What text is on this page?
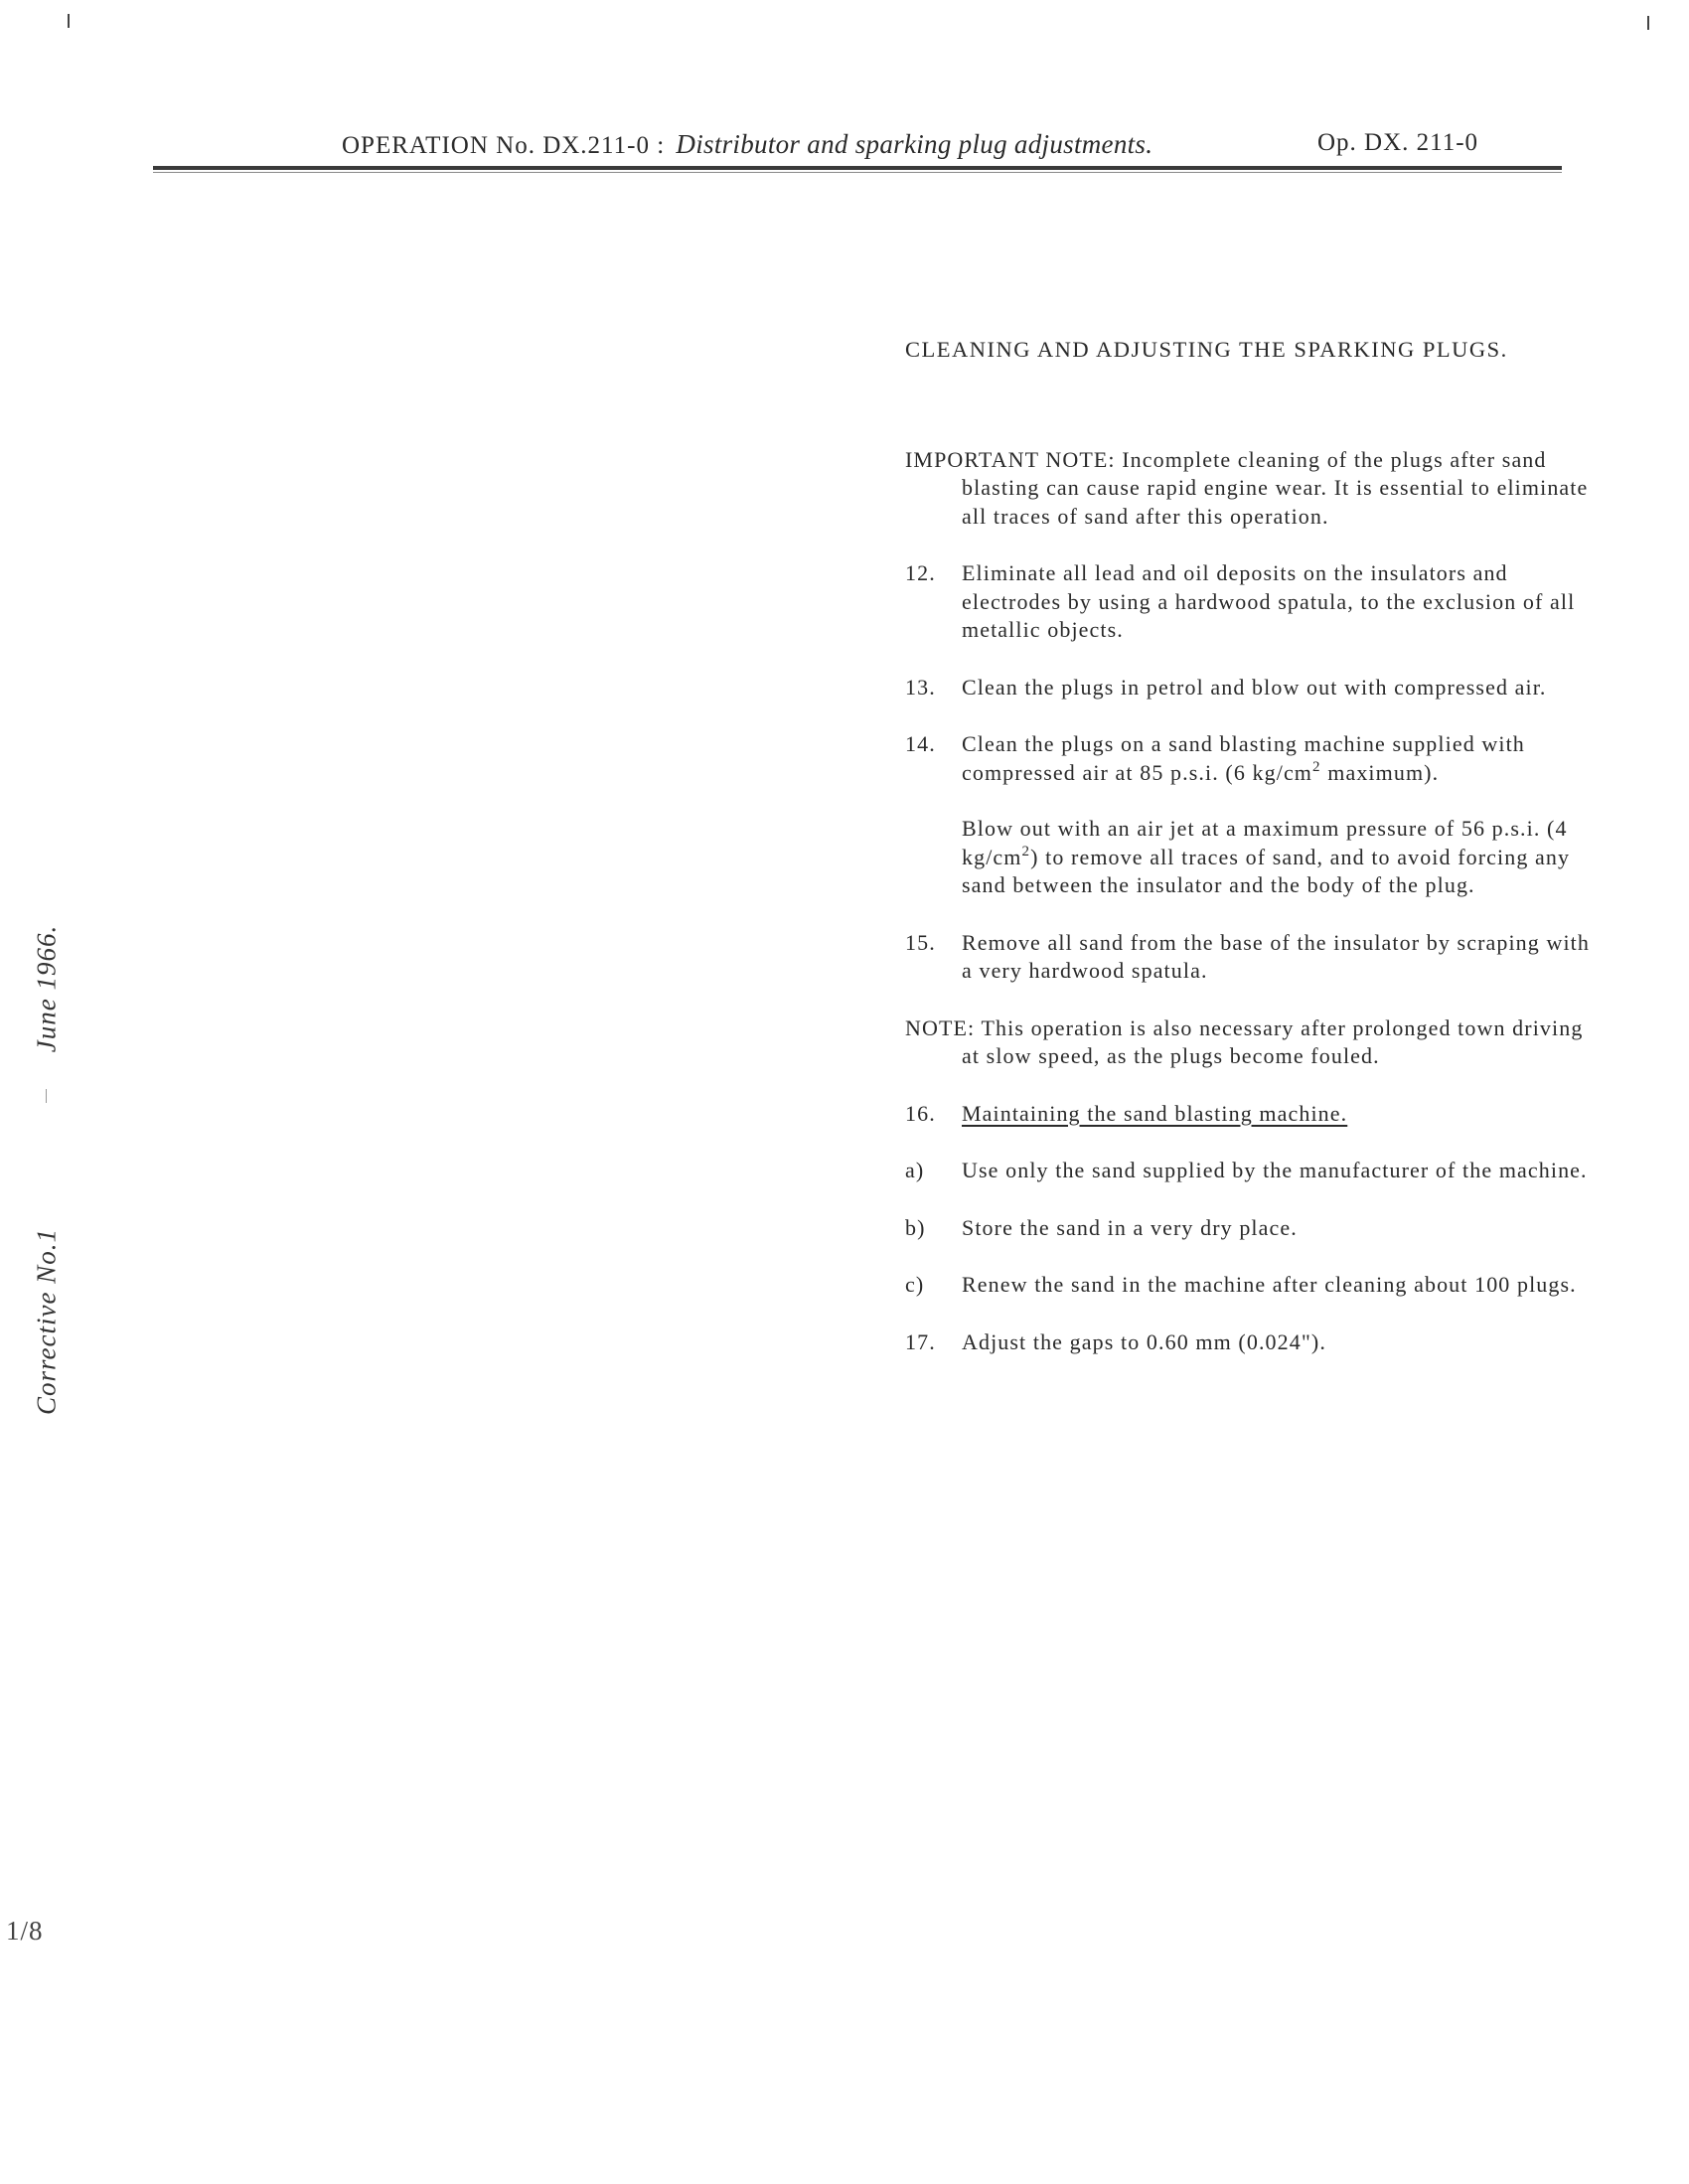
OPERATION No. DX.211-0 : Distributor and sparking plug adjustments.	Op. DX. 211-0
June 1966.
Corrective No.1
1/8
CLEANING AND ADJUSTING THE SPARKING PLUGS.
IMPORTANT NOTE: Incomplete cleaning of the plugs after sand blasting can cause rapid engine wear. It is essential to eliminate all traces of sand after this operation.
12.	Eliminate all lead and oil deposits on the insulators and electrodes by using a hardwood spatula, to the exclusion of all metallic objects.
13.	Clean the plugs in petrol and blow out with compressed air.
14.	Clean the plugs on a sand blasting machine supplied with compressed air at 85 p.s.i. (6 $kg/cm^2$ maximum).
Blow out with an air jet at a maximum pressure of 56 p.s.i. (4 $kg/cm^2$) to remove all traces of sand, and to avoid forcing any sand between the insulator and the body of the plug.
15.	Remove all sand from the base of the insulator by scraping with a very hardwood spatula.
NOTE: This operation is also necessary after prolonged town driving at slow speed, as the plugs become fouled.
16.	Maintaining the sand blasting machine.
a)	Use only the sand supplied by the manufacturer of the machine.
b)	Store the sand in a very dry place.
c)	Renew the sand in the machine after cleaning about 100 plugs.
17.	Adjust the gaps to 0.60 mm (0.024").
